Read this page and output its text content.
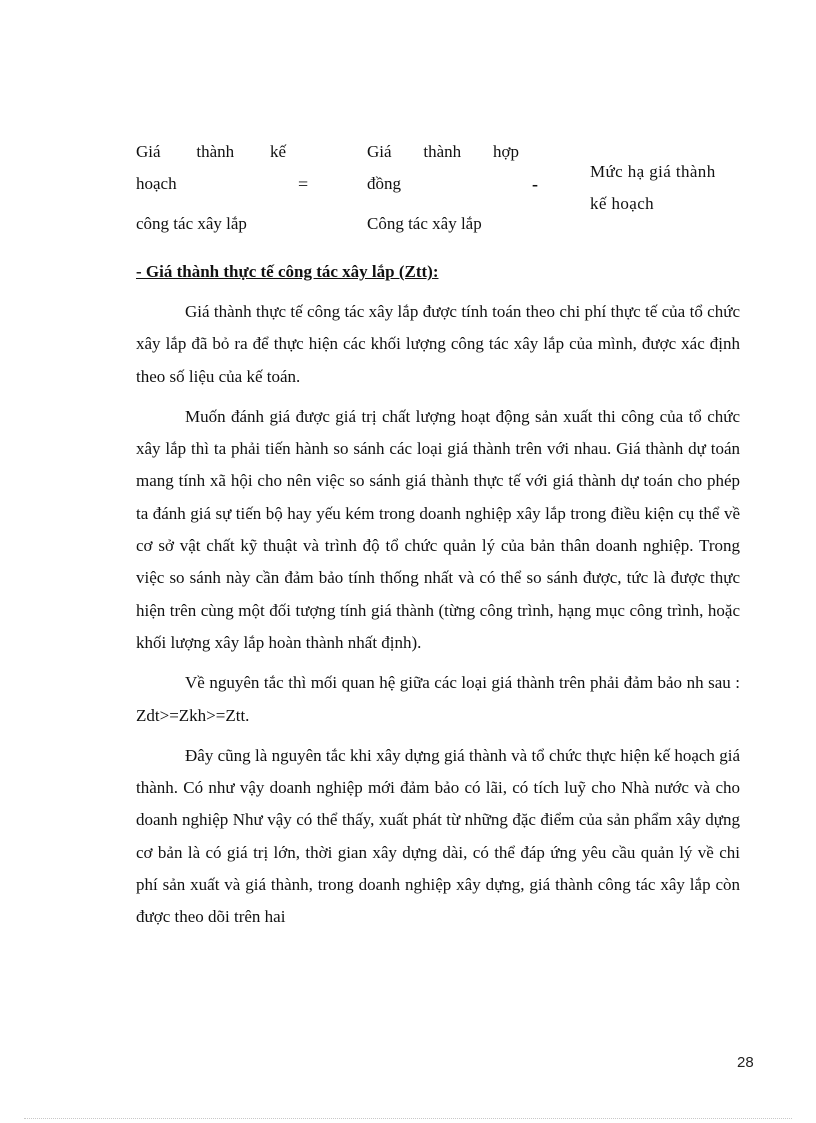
Giá thành kế
hoạch
công tác xây lắp
=
Giá thành hợp
đồng
Công tác xây lắp
-
Mức hạ giá thành
kế hoạch
- Giá thành thực tế công tác xây lắp (Ztt):

Giá thành thực tế công tác xây lắp được tính toán theo chi phí thực tế của tổ chức xây lắp đã bỏ ra để thực hiện các khối lượng công tác xây lắp của mình, được xác định theo số liệu của kế toán.

Muốn đánh giá được giá trị chất lượng hoạt động sản xuất thi công của tổ chức xây lắp thì ta phải tiến hành so sánh các loại giá thành trên với nhau. Giá thành dự toán mang tính xã hội cho nên việc so sánh giá thành thực tế với giá thành dự toán cho phép ta đánh giá sự tiến bộ hay yếu kém trong doanh nghiệp xây lắp trong điều kiện cụ thể về cơ sở vật chất kỹ thuật và trình độ tổ chức quản lý của bản thân doanh nghiệp. Trong việc so sánh này cần đảm bảo tính thống nhất và có thể so sánh được, tức là được thực hiện trên cùng một đối tượng tính giá thành (từng công trình, hạng mục công trình, hoặc khối lượng xây lắp hoàn thành nhất định).

Về nguyên tắc thì mối quan hệ giữa các loại giá thành trên phải đảm bảo nh sau : Zdt>=Zkh>=Ztt.

Đây cũng là nguyên tắc khi xây dựng giá thành và tổ chức thực hiện kế hoạch giá thành. Có như vậy doanh nghiệp mới đảm bảo có lãi, có tích luỹ cho Nhà nước và cho doanh nghiệp Như vậy có thể thấy, xuất phát từ những đặc điểm của sản phẩm xây dựng cơ bản là có giá trị lớn, thời gian xây dựng dài, có thể đáp ứng yêu cầu quản lý về chi phí sản xuất và giá thành, trong doanh nghiệp xây dựng, giá thành công tác xây lắp còn được theo dõi trên hai

28
